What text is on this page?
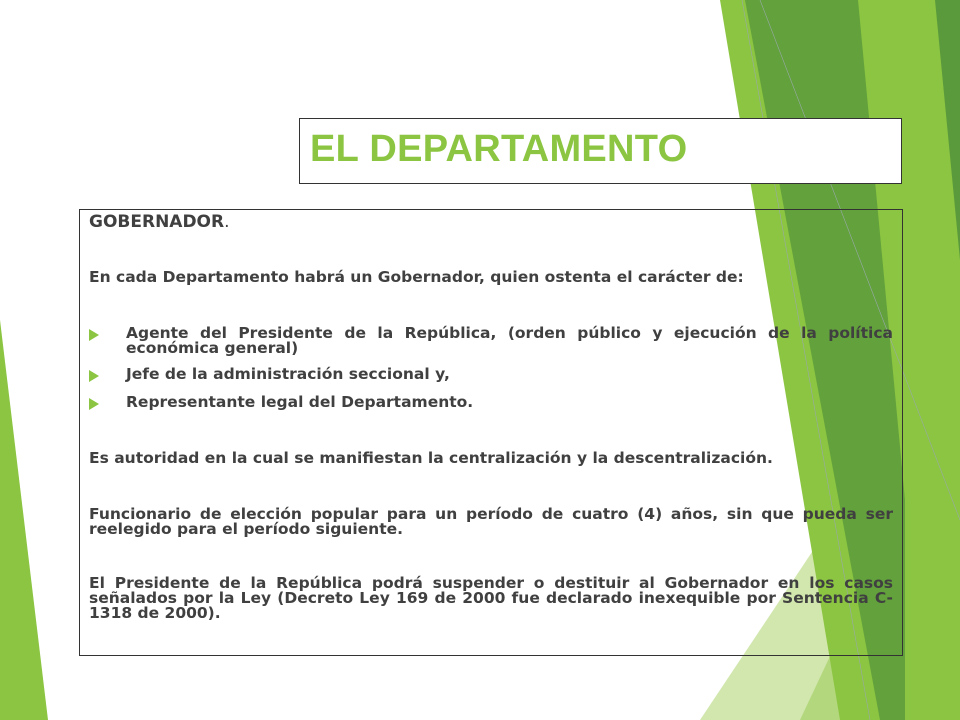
EL DEPARTAMENTO
GOBERNADOR.
En cada Departamento habrá un Gobernador, quien ostenta el carácter de:
Agente del Presidente de la República, (orden público y ejecución de la política económica general)
Jefe de la administración seccional y,
Representante legal del Departamento.
Es autoridad en la cual se manifiestan la centralización y la descentralización.
Funcionario de elección popular para un período de cuatro (4) años, sin que pueda ser reelegido para el período siguiente.
El Presidente de la República podrá suspender o destituir al Gobernador en los casos señalados por la Ley (Decreto Ley 169 de 2000 fue declarado inexequible por Sentencia C-1318 de 2000).
